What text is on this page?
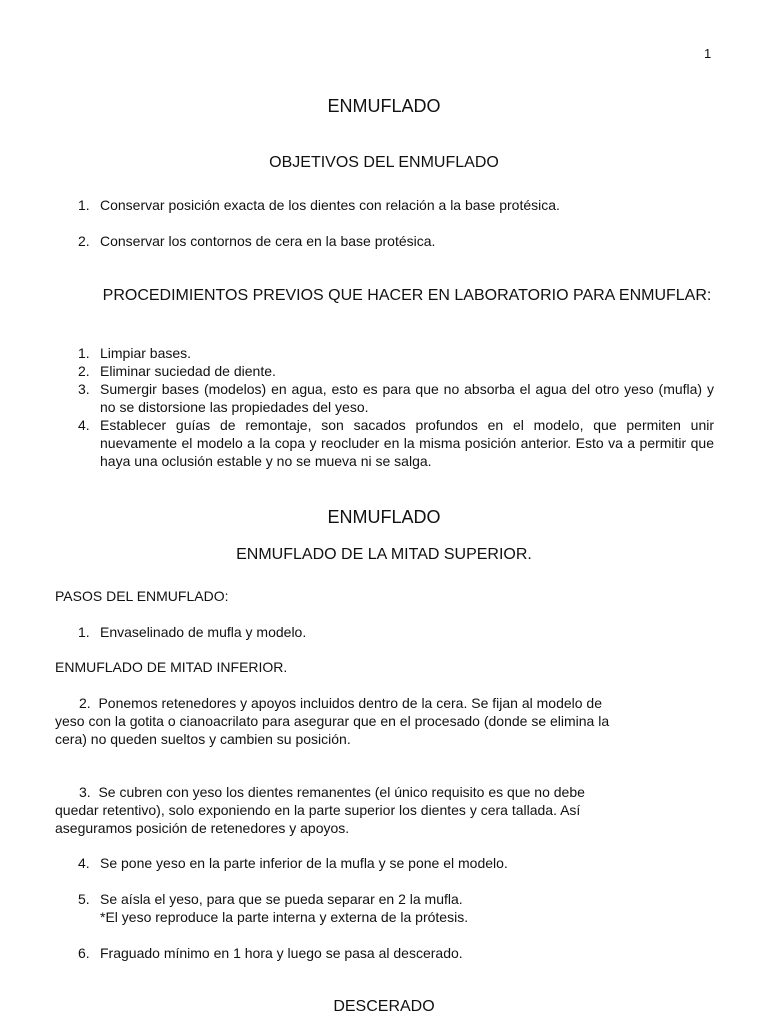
1
ENMUFLADO
OBJETIVOS DEL ENMUFLADO
1. Conservar posición exacta de los dientes con relación a la base protésica.
2. Conservar los contornos de cera en la base protésica.
PROCEDIMIENTOS PREVIOS QUE HACER EN LABORATORIO PARA ENMUFLAR:
1. Limpiar bases.
2. Eliminar suciedad de diente.
3. Sumergir bases (modelos) en agua, esto es para que no absorba el agua del otro yeso (mufla) y no se distorsione las propiedades del yeso.
4. Establecer guías de remontaje, son sacados profundos en el modelo, que permiten unir nuevamente el modelo a la copa y reocluder en la misma posición anterior. Esto va a permitir que haya una oclusión estable y no se mueva ni se salga.
ENMUFLADO
ENMUFLADO DE LA MITAD SUPERIOR.

PASOS DEL ENMUFLADO:

1. Envaselinado de mufla y modelo.

ENMUFLADO DE MITAD INFERIOR.

2. Ponemos retenedores y apoyos incluidos dentro de la cera. Se fijan al modelo de yeso con la gotita o cianoacrilato para asegurar que en el procesado (donde se elimina la cera) no queden sueltos y cambien su posición.

3. Se cubren con yeso los dientes remanentes (el único requisito es que no debe quedar retentivo), solo exponiendo en la parte superior los dientes y cera tallada. Así aseguramos posición de retenedores y apoyos.

4. Se pone yeso en la parte inferior de la mufla y se pone el modelo.

5. Se aísla el yeso, para que se pueda separar en 2 la mufla.

*El yeso reproduce la parte interna y externa de la prótesis.

6. Fraguado mínimo en 1 hora y luego se pasa al descerado.

DESCERADO
